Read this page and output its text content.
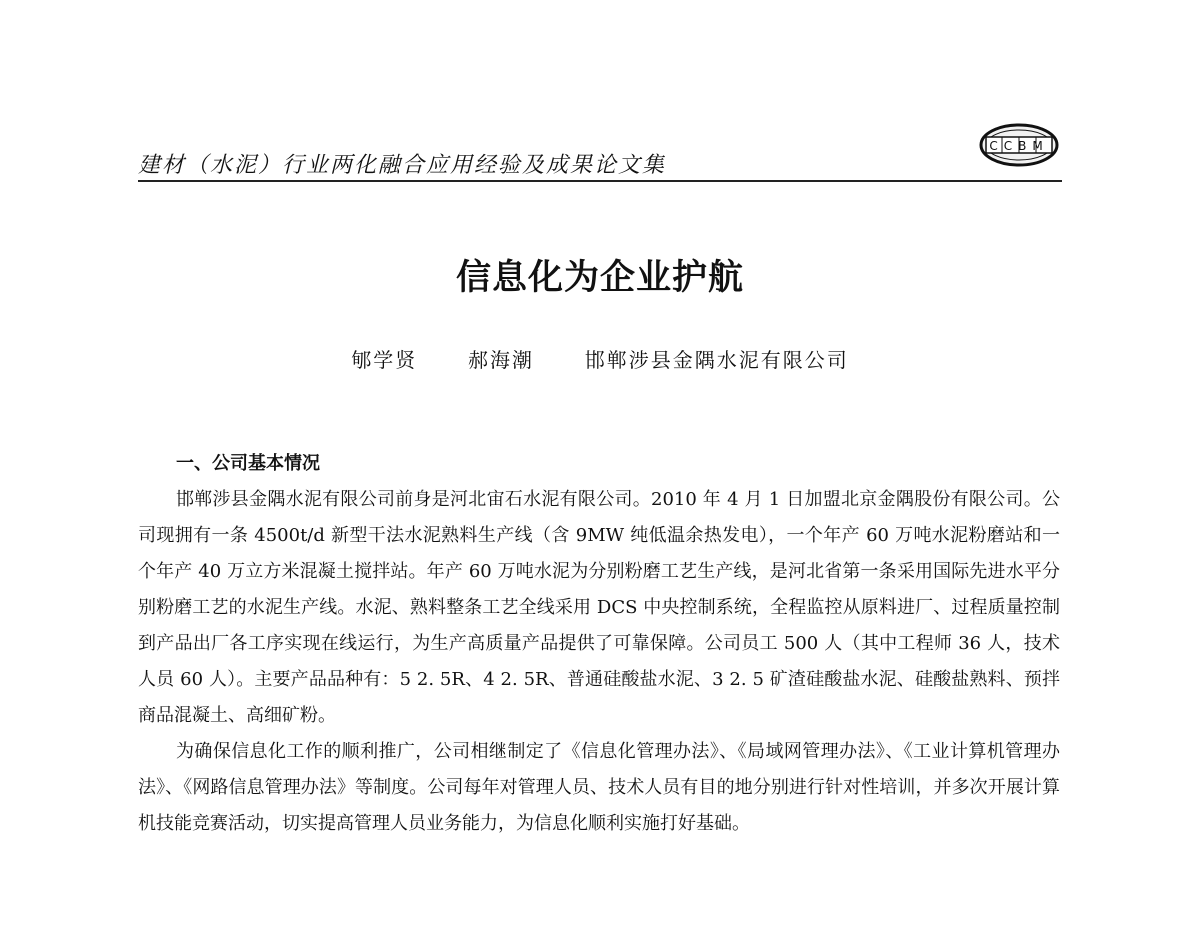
建材（水泥）行业两化融合应用经验及成果论文集
CCBM
信息化为企业护航
郇学贤	郝海潮	邯郸涉县金隅水泥有限公司
一、公司基本情况

邯郸涉县金隅水泥有限公司前身是河北宙石水泥有限公司。2010 年 4 月 1 日加盟北京金隅股份有限公司。公司现拥有一条 4500t/d 新型干法水泥熟料生产线（含 9MW 纯低温余热发电），一个年产 60 万吨水泥粉磨站和一个年产 40 万立方米混凝土搅拌站。年产 60 万吨水泥为分别粉磨工艺生产线，是河北省第一条采用国际先进水平分别粉磨工艺的水泥生产线。水泥、熟料整条工艺全线采用 DCS 中央控制系统，全程监控从原料进厂、过程质量控制到产品出厂各工序实现在线运行，为生产高质量产品提供了可靠保障。公司员工 500 人（其中工程师 36 人，技术人员 60 人）。主要产品品种有：5 2. 5R、4 2. 5R、普通硅酸盐水泥、3 2. 5 矿渣硅酸盐水泥、硅酸盐熟料、预拌商品混凝土、高细矿粉。

为确保信息化工作的顺利推广，公司相继制定了《信息化管理办法》、《局域网管理办法》、《工业计算机管理办法》、《网路信息管理办法》等制度。公司每年对管理人员、技术人员有目的地分别进行针对性培训，并多次开展计算机技能竞赛活动，切实提高管理人员业务能力，为信息化顺利实施打好基础。
